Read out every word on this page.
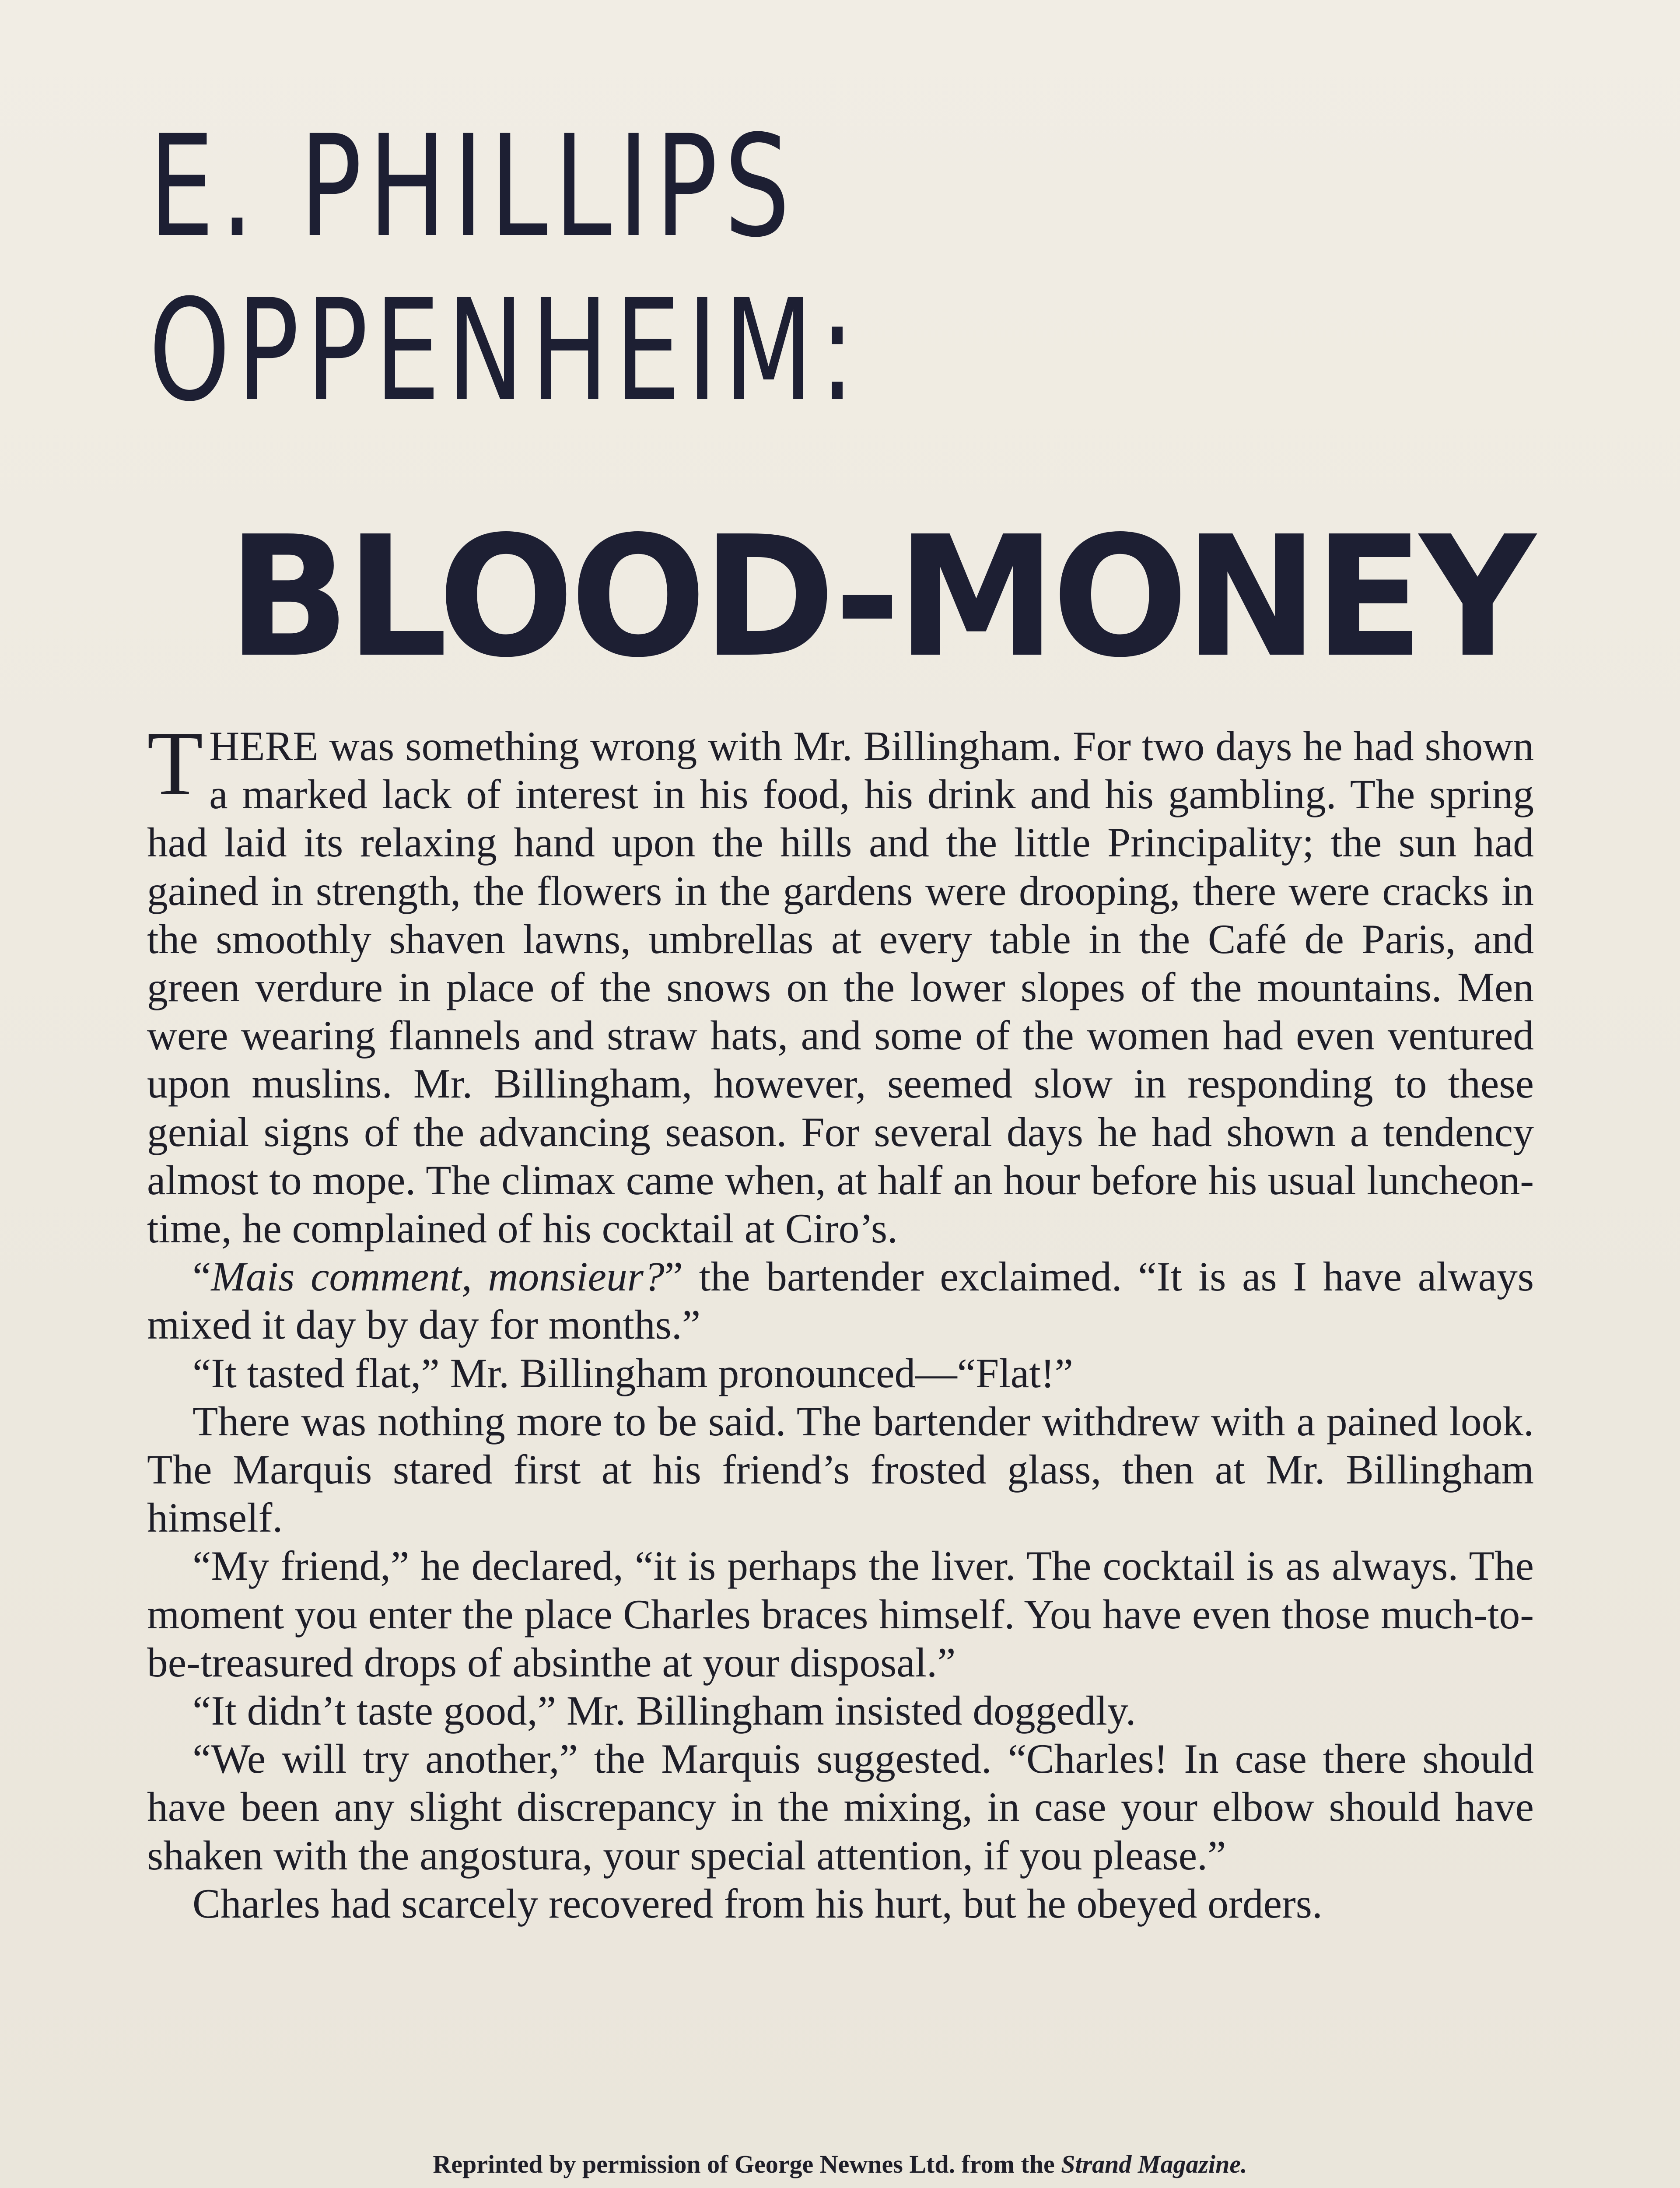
E. PHILLIPS
OPPENHEIM:
BLOOD-MONEY

THERE was something wrong with Mr. Billingham. For two days he had shown a marked lack of interest in his food, his drink and his gambling. The spring had laid its relaxing hand upon the hills and the little Principality; the sun had gained in strength, the flowers in the gardens were drooping, there were cracks in the smoothly shaven lawns, umbrellas at every table in the Café de Paris, and green verdure in place of the snows on the lower slopes of the mountains. Men were wearing flannels and straw hats, and some of the women had even ventured upon muslins. Mr. Billingham, however, seemed slow in responding to these genial signs of the advancing season. For several days he had shown a tendency almost to mope. The climax came when, at half an hour before his usual luncheon-time, he complained of his cocktail at Ciro’s.

“Mais comment, monsieur?” the bartender exclaimed. “It is as I have always mixed it day by day for months.”

“It tasted flat,” Mr. Billingham pronounced—“Flat!”

There was nothing more to be said. The bartender withdrew with a pained look. The Marquis stared first at his friend’s frosted glass, then at Mr. Billingham himself.

“My friend,” he declared, “it is perhaps the liver. The cocktail is as always. The moment you enter the place Charles braces himself. You have even those much-to-be-treasured drops of absinthe at your disposal.”

“It didn’t taste good,” Mr. Billingham insisted doggedly.

“We will try another,” the Marquis suggested. “Charles! In case there should have been any slight discrepancy in the mixing, in case your elbow should have shaken with the angostura, your special attention, if you please.”

Charles had scarcely recovered from his hurt, but he obeyed orders.

Reprinted by permission of George Newnes Ltd. from the Strand Magazine.
